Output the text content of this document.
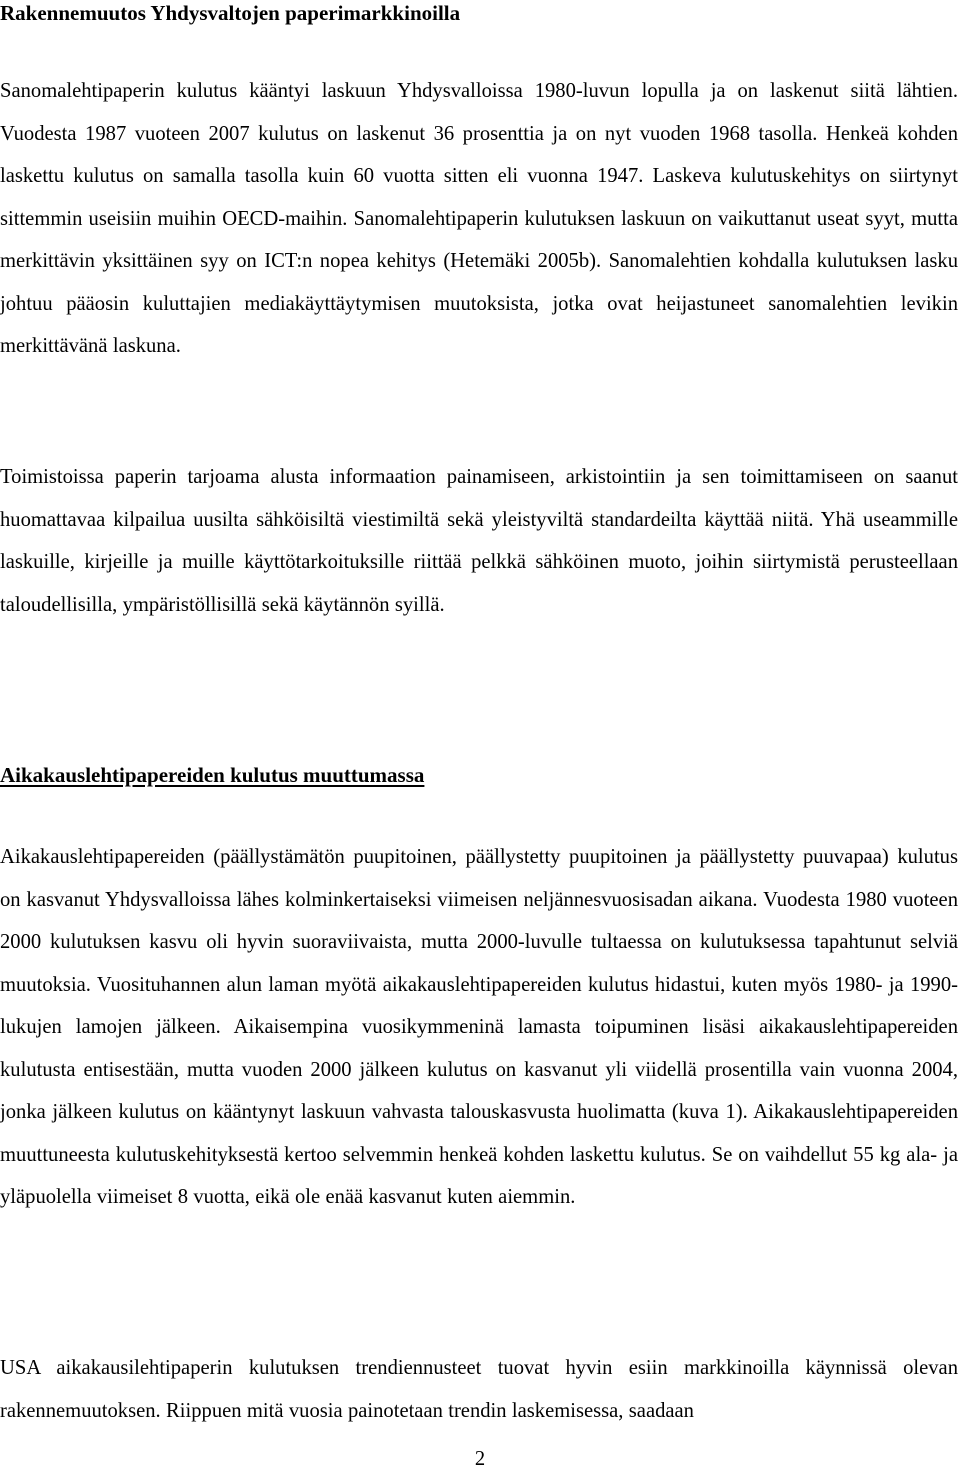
Rakennemuutos Yhdysvaltojen paperimarkkinoilla

Sanomalehtipaperin kulutus kääntyi laskuun Yhdysvalloissa 1980-luvun lopulla ja on laskenut siitä lähtien. Vuodesta 1987 vuoteen 2007 kulutus on laskenut 36 prosenttia ja on nyt vuoden 1968 tasolla. Henkeä kohden laskettu kulutus on samalla tasolla kuin 60 vuotta sitten eli vuonna 1947. Laskeva kulutuskehitys on siirtynyt sittemmin useisiin muihin OECD-maihin. Sanomalehtipaperin kulutuksen laskuun on vaikuttanut useat syyt, mutta merkittävin yksittäinen syy on ICT:n nopea kehitys (Hetemäki 2005b). Sanomalehtien kohdalla kulutuksen lasku johtuu pääosin kuluttajien mediakäyttäytymisen muutoksista, jotka ovat heijastuneet sanomalehtien levikin merkittävänä laskuna.

Toimistoissa paperin tarjoama alusta informaation painamiseen, arkistointiin ja sen toimittamiseen on saanut huomattavaa kilpailua uusilta sähköisiltä viestimiltä sekä yleistyviltä standardeilta käyttää niitä. Yhä useammille laskuille, kirjeille ja muille käyttötarkoituksille riittää pelkkä sähköinen muoto, joihin siirtymistä perusteellaan taloudellisilla, ympäristöllisillä sekä käytännön syillä.

Aikakauslehtipapereiden kulutus muuttumassa

Aikakauslehtipapereiden (päällystämätön puupitoinen, päällystetty puupitoinen ja päällystetty puuvapaa) kulutus on kasvanut Yhdysvalloissa lähes kolminkertaiseksi viimeisen neljännesvuosisadan aikana. Vuodesta 1980 vuoteen 2000 kulutuksen kasvu oli hyvin suoraviivaista, mutta 2000-luvulle tultaessa on kulutuksessa tapahtunut selviä muutoksia. Vuosituhannen alun laman myötä aikakauslehtipapereiden kulutus hidastui, kuten myös 1980- ja 1990-lukujen lamojen jälkeen. Aikaisempina vuosikymmeninä lamasta toipuminen lisäsi aikakauslehtipapereiden kulutusta entisestään, mutta vuoden 2000 jälkeen kulutus on kasvanut yli viidellä prosentilla vain vuonna 2004, jonka jälkeen kulutus on kääntynyt laskuun vahvasta talouskasvusta huolimatta (kuva 1). Aikakauslehtipapereiden muuttuneesta kulutuskehityksestä kertoo selvemmin henkeä kohden laskettu kulutus. Se on vaihdellut 55 kg ala- ja yläpuolella viimeiset 8 vuotta, eikä ole enää kasvanut kuten aiemmin.

USA aikakausilehtipaperin kulutuksen trendiennusteet tuovat hyvin esiin markkinoilla käynnissä olevan rakennemuutoksen. Riippuen mitä vuosia painotetaan trendin laskemisessa, saadaan

2
